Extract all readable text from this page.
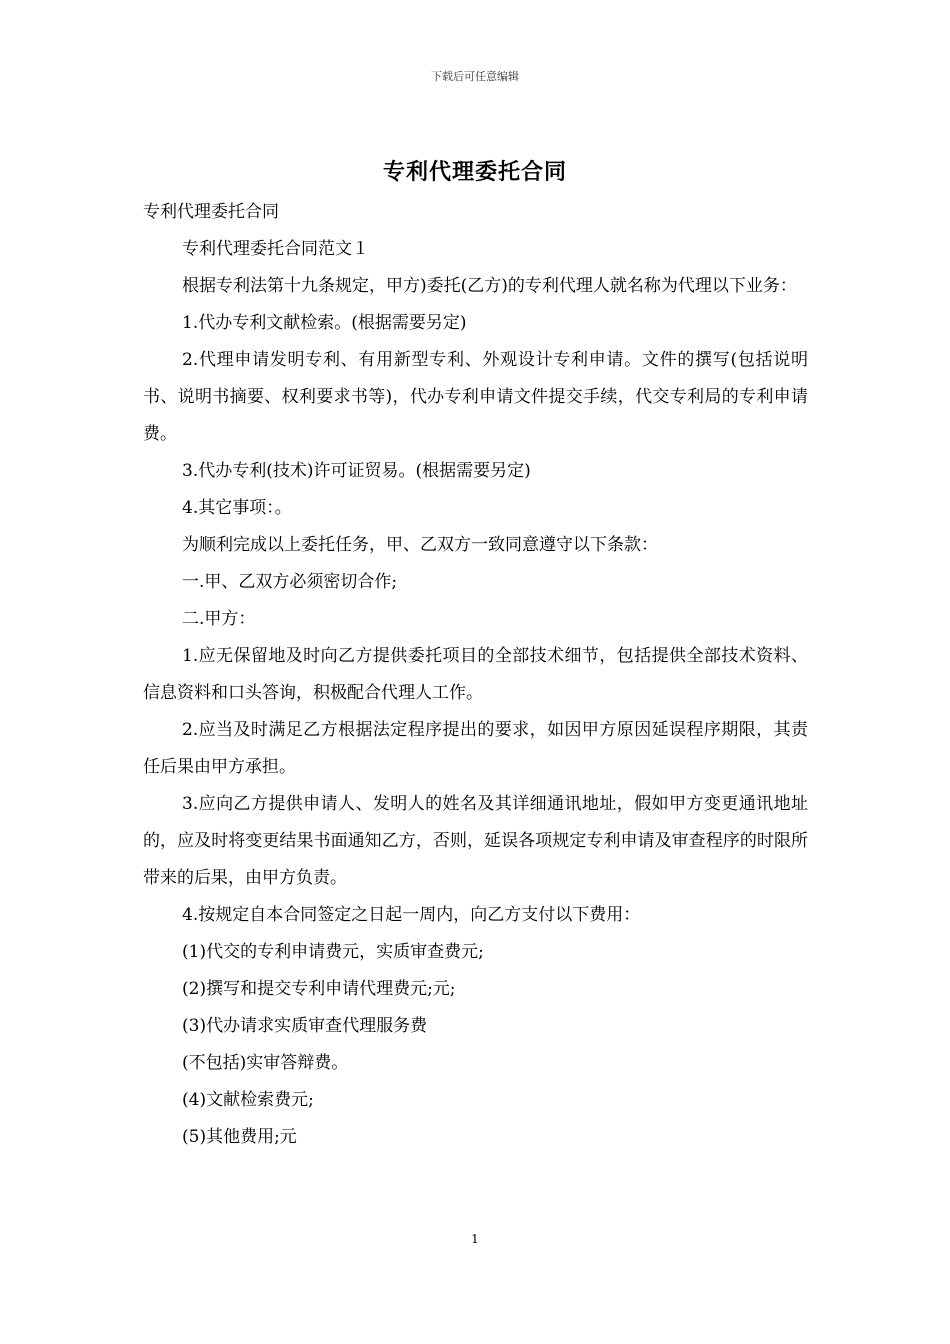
下载后可任意编辑
专利代理委托合同

专利代理委托合同

专利代理委托合同范文１

根据专利法第十九条规定，甲方)委托(乙方)的专利代理人就名称为代理以下业务：

1.代办专利文献检索。(根据需要另定)

2.代理申请发明专利、有用新型专利、外观设计专利申请。文件的撰写(包括说明书、说明书摘要、权利要求书等)，代办专利申请文件提交手续，代交专利局的专利申请费。

3.代办专利(技术)许可证贸易。(根据需要另定)

4.其它事项：。

为顺利完成以上委托任务，甲、乙双方一致同意遵守以下条款：

一.甲、乙双方必须密切合作;

二.甲方：

1.应无保留地及时向乙方提供委托项目的全部技术细节，包括提供全部技术资料、信息资料和口头答询，积极配合代理人工作。

2.应当及时满足乙方根据法定程序提出的要求，如因甲方原因延误程序期限，其责任后果由甲方承担。

3.应向乙方提供申请人、发明人的姓名及其详细通讯地址，假如甲方变更通讯地址的，应及时将变更结果书面通知乙方，否则，延误各项规定专利申请及审查程序的时限所带来的后果，由甲方负责。

4.按规定自本合同签定之日起一周内，向乙方支付以下费用：

(1)代交的专利申请费元，实质审查费元;

(2)撰写和提交专利申请代理费元;元;

(3)代办请求实质审查代理服务费

(不包括)实审答辩费。

(4)文献检索费元;

(5)其他费用;元

1
